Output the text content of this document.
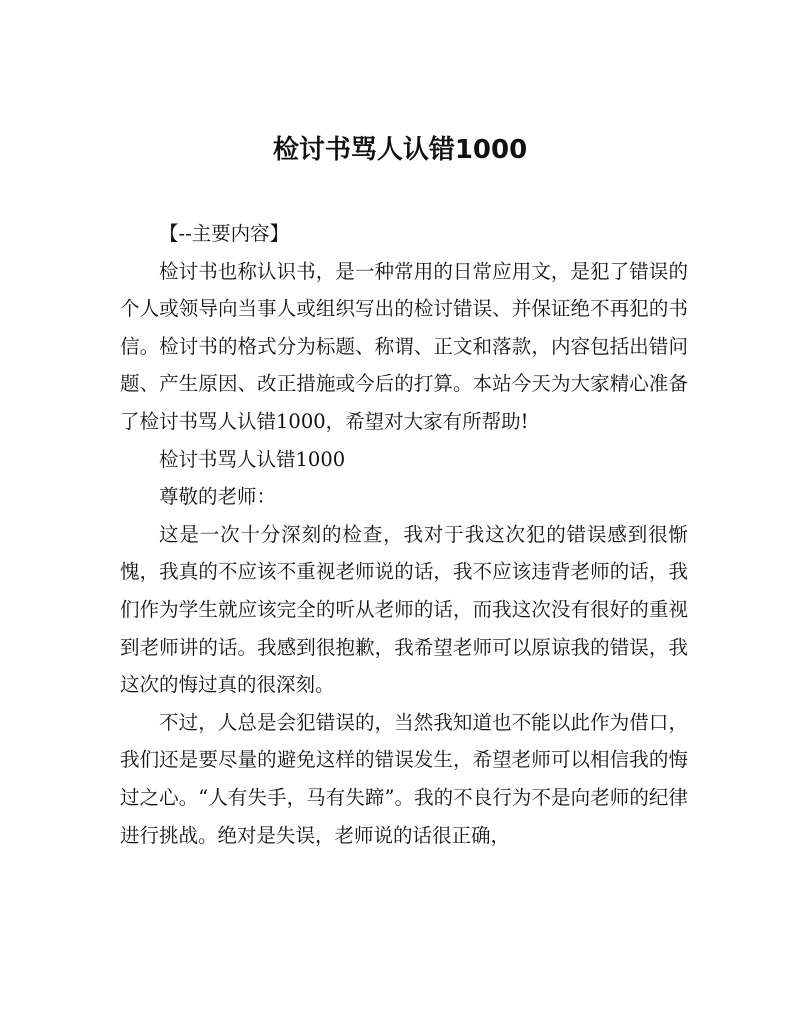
检讨书骂人认错1000

【--主要内容】

检讨书也称认识书，是一种常用的日常应用文，是犯了错误的个人或领导向当事人或组织写出的检讨错误、并保证绝不再犯的书信。检讨书的格式分为标题、称谓、正文和落款，内容包括出错问题、产生原因、改正措施或今后的打算。本站今天为大家精心准备了检讨书骂人认错1000，希望对大家有所帮助!

检讨书骂人认错1000

尊敬的老师：

这是一次十分深刻的检查，我对于我这次犯的错误感到很惭愧，我真的不应该不重视老师说的话，我不应该违背老师的话，我们作为学生就应该完全的听从老师的话，而我这次没有很好的重视到老师讲的话。我感到很抱歉，我希望老师可以原谅我的错误，我这次的悔过真的很深刻。

不过，人总是会犯错误的，当然我知道也不能以此作为借口，我们还是要尽量的避免这样的错误发生，希望老师可以相信我的悔过之心。“人有失手，马有失蹄”。我的不良行为不是向老师的纪律进行挑战。绝对是失误，老师说的话很正确，
